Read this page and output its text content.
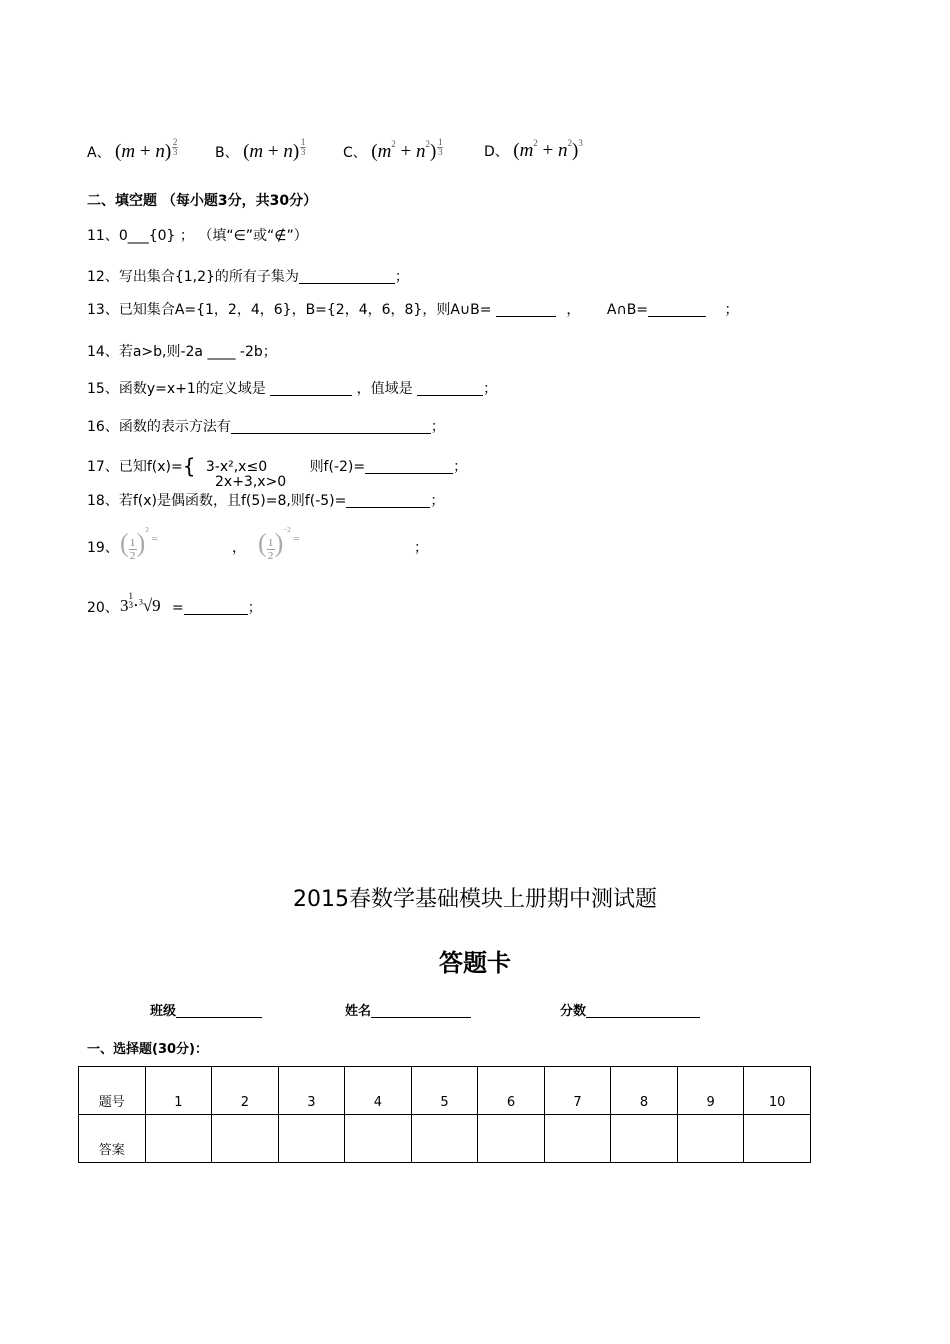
A、 (m + n) $^{\frac{2}{3}}$	B、 (m + n) $^{\frac{1}{3}}$	C、 $(m^2 + n^2)$ $^{\frac{1}{3}}$	D、 $(m^2 + n^2)^3$
二、填空题 （每小题3分，共30分）
11、0___{0} ； （填“∈”或“∉”）
12、写出集合{1,2}的所有子集为	；
13、已知集合A={1，2，4，6}，B={2，4，6，8}，则A∪B=	， A∩B=	；
14、若a>b,则-2a ____ -2b；
15、函数y=x+1的定义域是	，值域是	；
16、函数的表示方法有	；
17、已知f(x)={ 3-x²,x≤0	则f(-2)=	；
2x+3,x>0
18、若f(x)是偶函数，且f(5)=8,则f(-5)=	；
19、 ( $\frac{1}{2} )^2$ =
， ( $\frac{1}{2} )^{-2}$ =
；
20、 3 $^{1 3}$ ⋅$^3$√9 =	；
2015春数学基础模块上册期中测试题
答题卡
班级	姓名	分数
一、选择题(30分)：
题号	1	2	3	4	5	6	7	8	9	10
答案										
